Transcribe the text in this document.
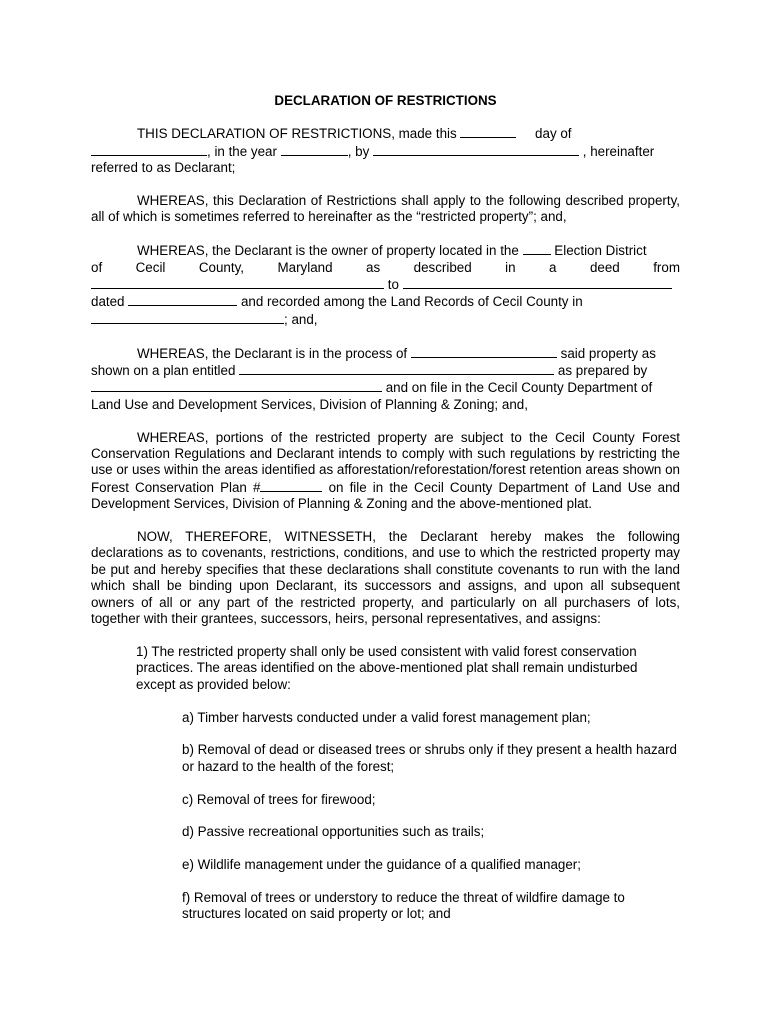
DECLARATION OF RESTRICTIONS

THIS DECLARATION OF RESTRICTIONS, made this	day of
, in the year	, by	, hereinafter
referred to as Declarant;

WHEREAS, this Declaration of Restrictions shall apply to the following described property, all of which is sometimes referred to hereinafter as the “restricted property”; and,

WHEREAS, the Declarant is the owner of property located in the	Election District
of Cecil County, Maryland as described in a deed from
to
dated	and recorded among the Land Records of Cecil County in
; and,

WHEREAS, the Declarant is in the process of	said property as
shown on a plan entitled	as prepared by
and on file in the Cecil County Department of
Land Use and Development Services, Division of Planning & Zoning; and,

WHEREAS, portions of the restricted property are subject to the Cecil County Forest Conservation Regulations and Declarant intends to comply with such regulations by restricting the use or uses within the areas identified as afforestation/reforestation/forest retention areas shown on Forest Conservation Plan #	on file in the Cecil County Department of Land Use and Development Services, Division of Planning & Zoning and the above-mentioned plat.

NOW, THEREFORE, WITNESSETH, the Declarant hereby makes the following declarations as to covenants, restrictions, conditions, and use to which the restricted property may be put and hereby specifies that these declarations shall constitute covenants to run with the land which shall be binding upon Declarant, its successors and assigns, and upon all subsequent owners of all or any part of the restricted property, and particularly on all purchasers of lots, together with their grantees, successors, heirs, personal representatives, and assigns:

1) The restricted property shall only be used consistent with valid forest conservation practices. The areas identified on the above-mentioned plat shall remain undisturbed except as provided below:
a) Timber harvests conducted under a valid forest management plan;
b) Removal of dead or diseased trees or shrubs only if they present a health hazard or hazard to the health of the forest;
c) Removal of trees for firewood;
d) Passive recreational opportunities such as trails;
e) Wildlife management under the guidance of a qualified manager;
f) Removal of trees or understory to reduce the threat of wildfire damage to structures located on said property or lot; and
